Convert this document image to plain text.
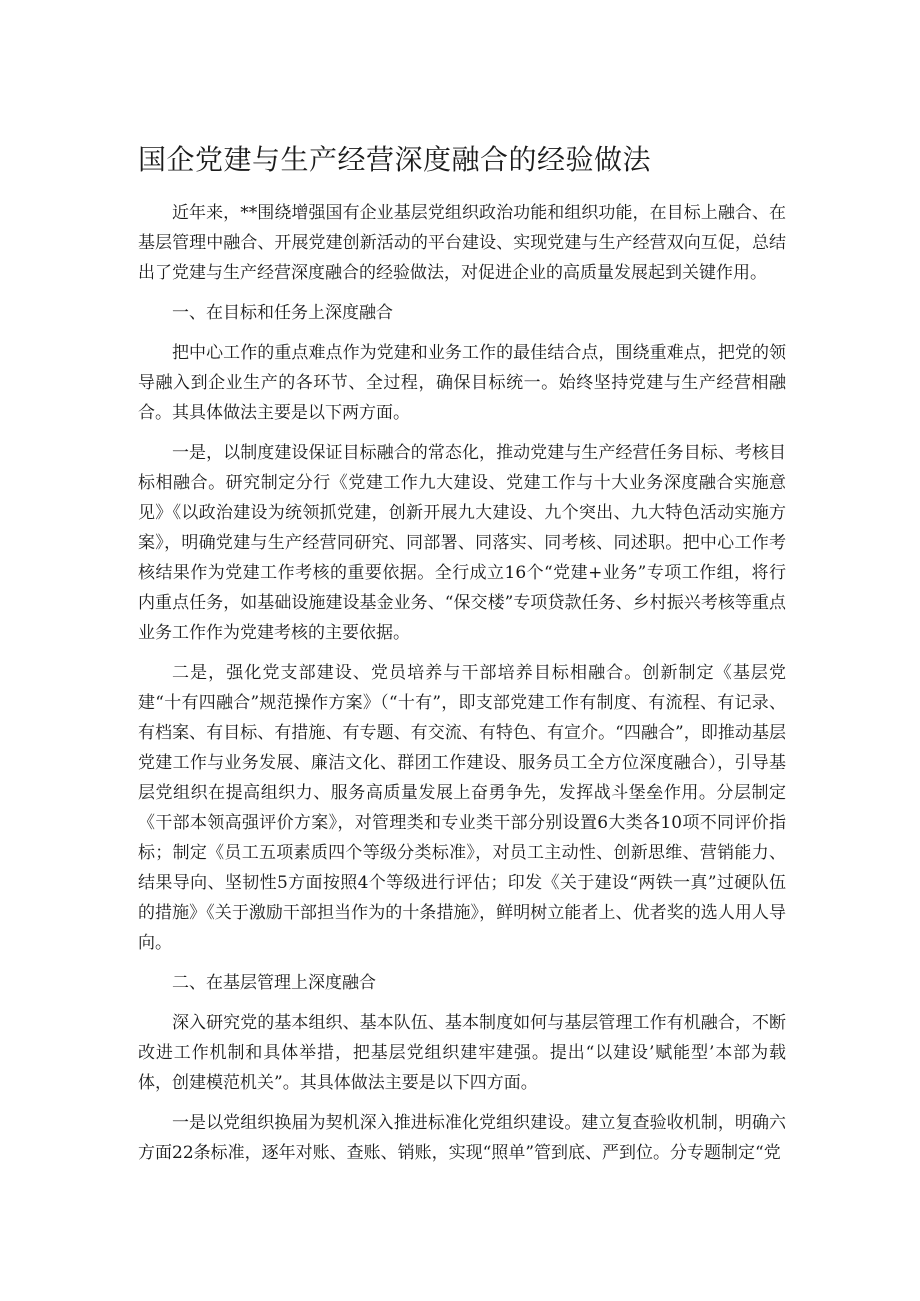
国企党建与生产经营深度融合的经验做法

近年来，**围绕增强国有企业基层党组织政治功能和组织功能，在目标上融合、在基层管理中融合、开展党建创新活动的平台建设、实现党建与生产经营双向互促，总结出了党建与生产经营深度融合的经验做法，对促进企业的高质量发展起到关键作用。

一、在目标和任务上深度融合

把中心工作的重点难点作为党建和业务工作的最佳结合点，围绕重难点，把党的领导融入到企业生产的各环节、全过程，确保目标统一。始终坚持党建与生产经营相融合。其具体做法主要是以下两方面。

一是，以制度建设保证目标融合的常态化，推动党建与生产经营任务目标、考核目标相融合。研究制定分行《党建工作九大建设、党建工作与十大业务深度融合实施意见》《以政治建设为统领抓党建，创新开展九大建设、九个突出、九大特色活动实施方案》，明确党建与生产经营同研究、同部署、同落实、同考核、同述职。把中心工作考核结果作为党建工作考核的重要依据。全行成立16个“党建+业务”专项工作组，将行内重点任务，如基础设施建设基金业务、“保交楼”专项贷款任务、乡村振兴考核等重点业务工作作为党建考核的主要依据。

二是，强化党支部建设、党员培养与干部培养目标相融合。创新制定《基层党建“十有四融合”规范操作方案》（“十有”，即支部党建工作有制度、有流程、有记录、有档案、有目标、有措施、有专题、有交流、有特色、有宣介。“四融合”，即推动基层党建工作与业务发展、廉洁文化、群团工作建设、服务员工全方位深度融合），引导基层党组织在提高组织力、服务高质量发展上奋勇争先，发挥战斗堡垒作用。分层制定《干部本领高强评价方案》，对管理类和专业类干部分别设置6大类各10项不同评价指标；制定《员工五项素质四个等级分类标准》，对员工主动性、创新思维、营销能力、结果导向、坚韧性5方面按照4个等级进行评估；印发《关于建设“两铁一真”过硬队伍的措施》《关于激励干部担当作为的十条措施》，鲜明树立能者上、优者奖的选人用人导向。

二、在基层管理上深度融合

深入研究党的基本组织、基本队伍、基本制度如何与基层管理工作有机融合，不断改进工作机制和具体举措，把基层党组织建牢建强。提出“以建设’赋能型’本部为载体，创建模范机关”。其具体做法主要是以下四方面。

一是以党组织换届为契机深入推进标准化党组织建设。建立复查验收机制，明确六方面22条标准，逐年对账、查账、销账，实现“照单”管到底、严到位。分专题制定“党
